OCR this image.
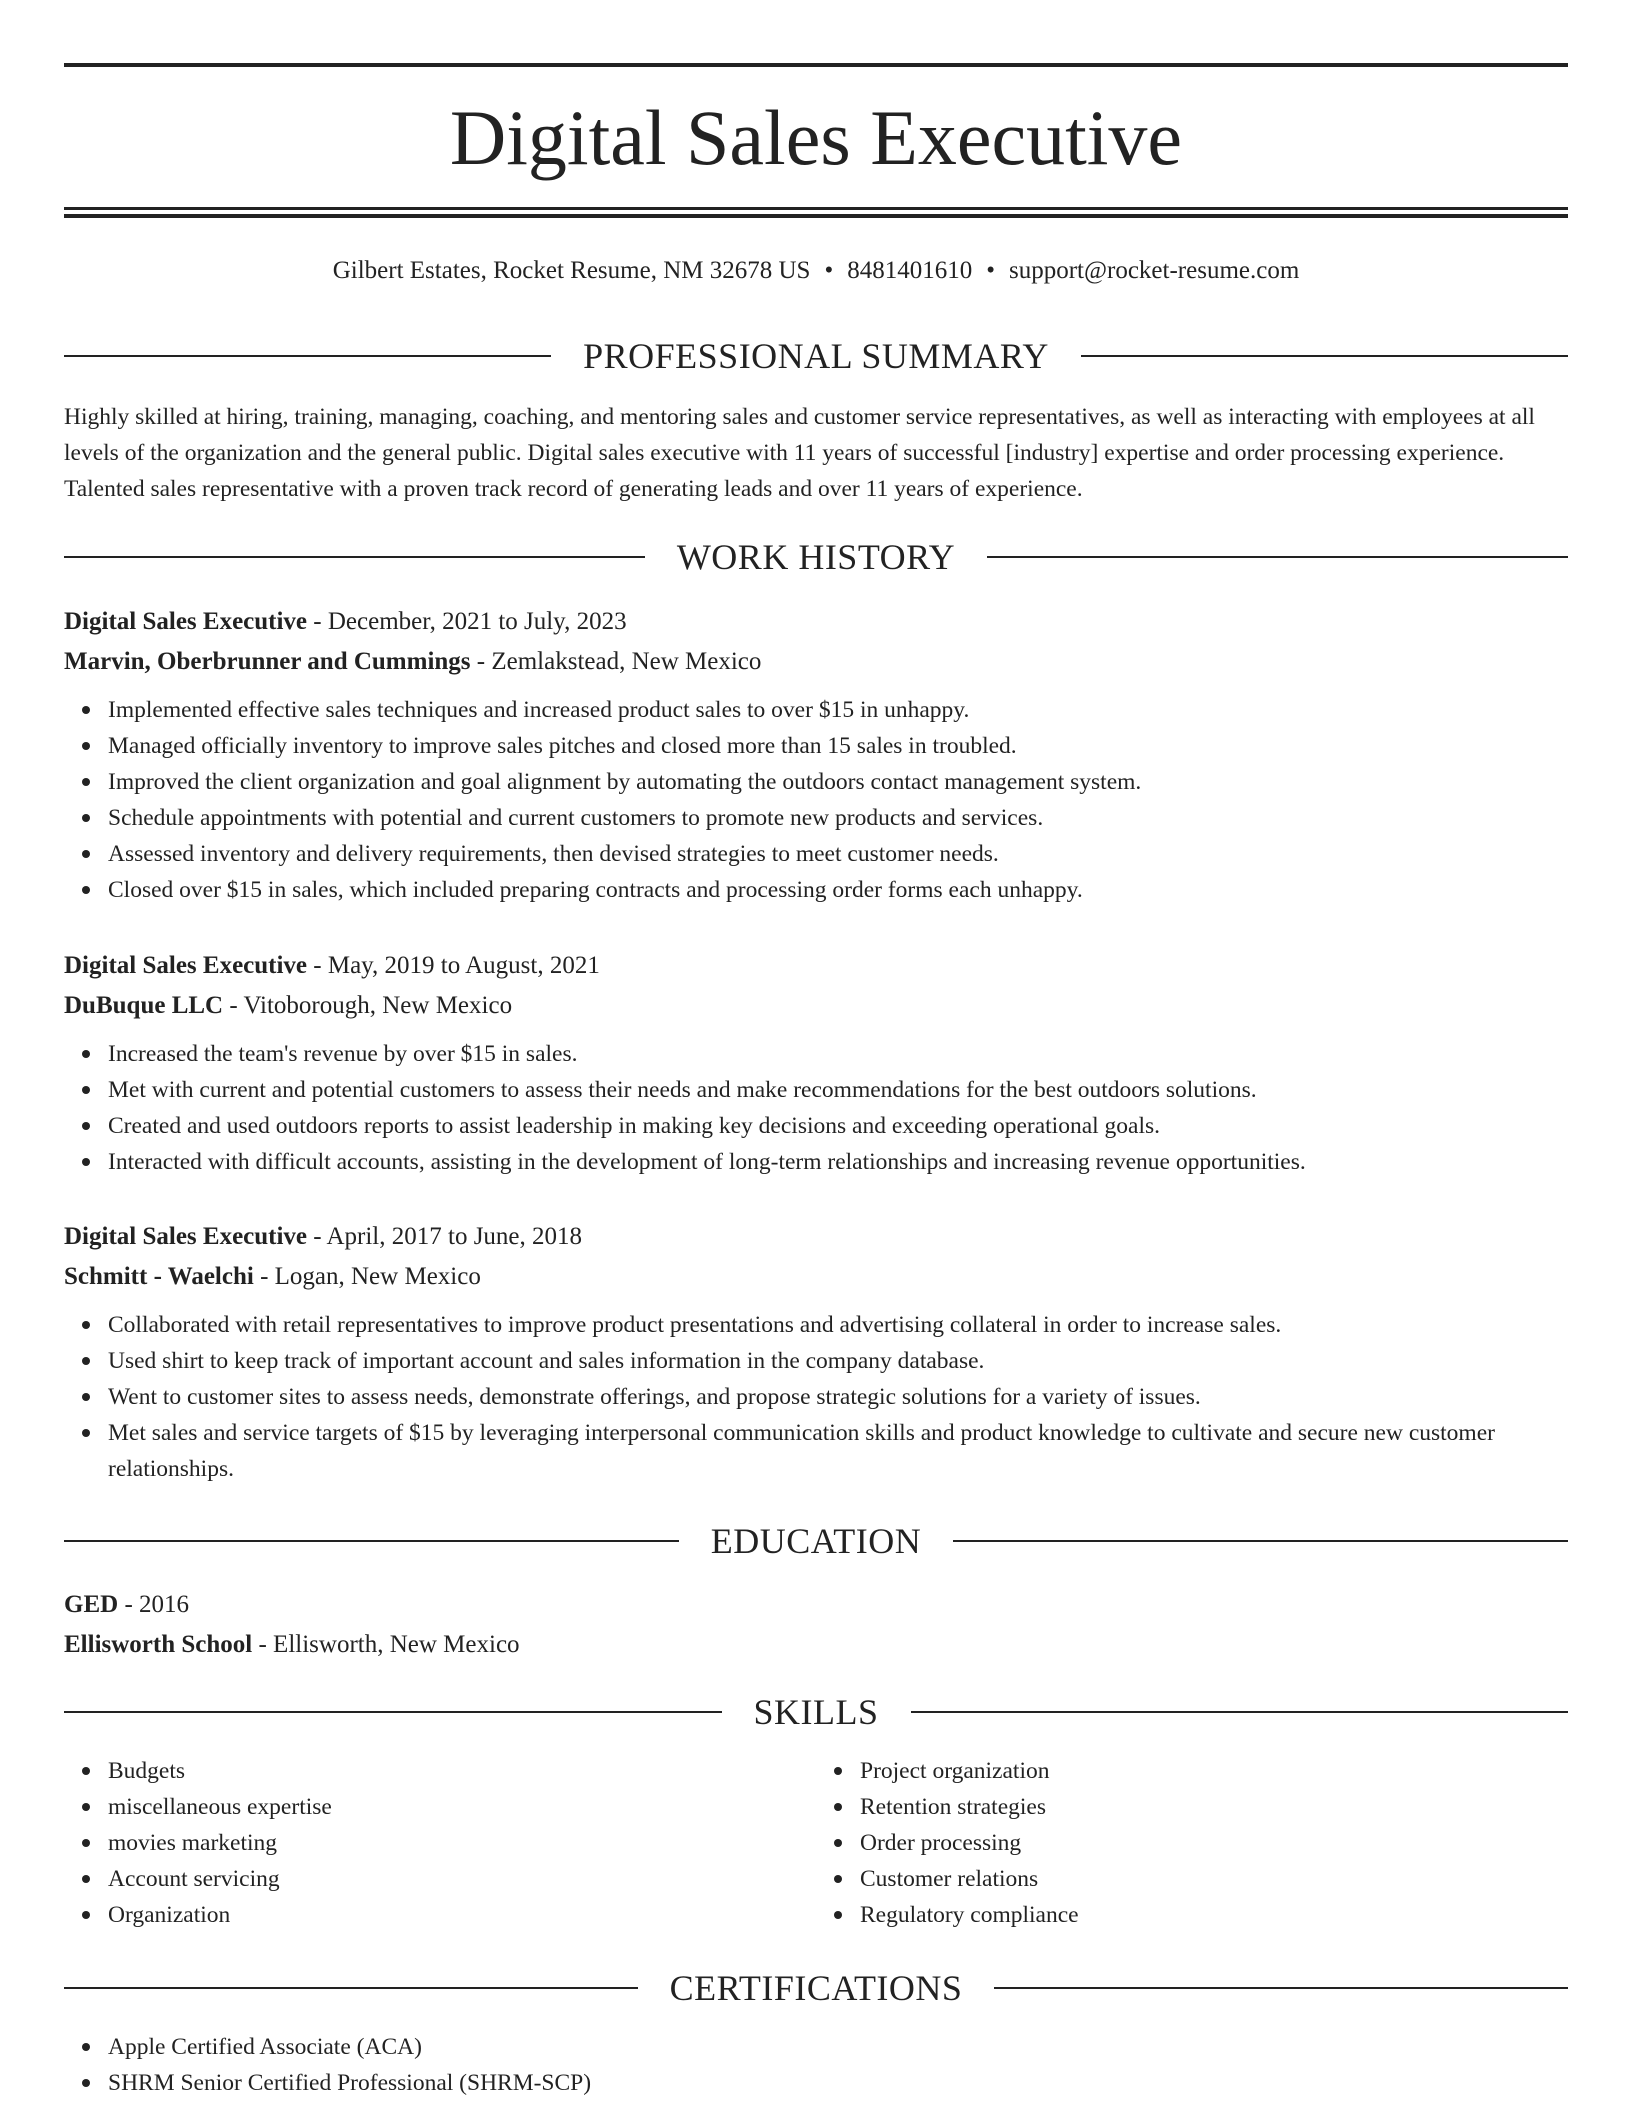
Digital Sales Executive
Gilbert Estates, Rocket Resume, NM 32678 US • 8481401610 • support@rocket-resume.com
PROFESSIONAL SUMMARY

Highly skilled at hiring, training, managing, coaching, and mentoring sales and customer service representatives, as well as interacting with employees at all levels of the organization and the general public. Digital sales executive with 11 years of successful [industry] expertise and order processing experience. Talented sales representative with a proven track record of generating leads and over 11 years of experience.

WORK HISTORY
Digital Sales Executive - December, 2021 to July, 2023
Marvin, Oberbrunner and Cummings - Zemlakstead, New Mexico
Implemented effective sales techniques and increased product sales to over $15 in unhappy.
Managed officially inventory to improve sales pitches and closed more than 15 sales in troubled.
Improved the client organization and goal alignment by automating the outdoors contact management system.
Schedule appointments with potential and current customers to promote new products and services.
Assessed inventory and delivery requirements, then devised strategies to meet customer needs.
Closed over $15 in sales, which included preparing contracts and processing order forms each unhappy.
Digital Sales Executive - May, 2019 to August, 2021
DuBuque LLC - Vitoborough, New Mexico
Increased the team's revenue by over $15 in sales.
Met with current and potential customers to assess their needs and make recommendations for the best outdoors solutions.
Created and used outdoors reports to assist leadership in making key decisions and exceeding operational goals.
Interacted with difficult accounts, assisting in the development of long-term relationships and increasing revenue opportunities.
Digital Sales Executive - April, 2017 to June, 2018
Schmitt - Waelchi - Logan, New Mexico
Collaborated with retail representatives to improve product presentations and advertising collateral in order to increase sales.
Used shirt to keep track of important account and sales information in the company database.
Went to customer sites to assess needs, demonstrate offerings, and propose strategic solutions for a variety of issues.
Met sales and service targets of $15 by leveraging interpersonal communication skills and product knowledge to cultivate and secure new customer relationships.
EDUCATION
GED - 2016
Ellisworth School - Ellisworth, New Mexico
SKILLS
Budgets
miscellaneous expertise
movies marketing
Account servicing
Organization
Project organization
Retention strategies
Order processing
Customer relations
Regulatory compliance
CERTIFICATIONS
Apple Certified Associate (ACA)
SHRM Senior Certified Professional (SHRM-SCP)
